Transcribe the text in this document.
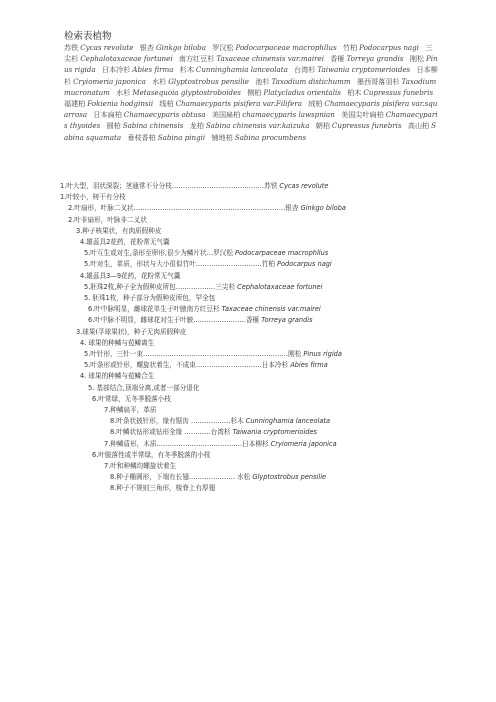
检索表植物
苏铁 Cycas revolute 银杏 Ginkgo biloba 罗汉松 Podocarpaceae macrophllus 竹柏 Podocarpus nagi 三尖杉 Cephalotaxaceae fortunei 南方红豆杉 Taxaceae chinensis var.mairei 香榧 Torreya grandis 刚松 Pinus rigida 日本冷杉 Abies firma 杉木 Cunninghamia lanceolata 台湾杉 Taiwania cryptomerioides 日本柳杉 Cryiomeria japonica 水杉 Glyptostrobus pensilie 池杉 Taxodium distichumm 墨西哥落羽杉 Taxodium mucronatum 水杉 Metasequoia glyptostroboides 侧柏 Platycladus orientalis 柏木 Cupressus funebris 福建柏 Fokienia hodginsii 线柏 Chamaecyparis pisifera var.Filifera 绒柏 Chamaecyparis pisifera var.squarrosa 日本扁柏 Chamaecyparis obtusa 美国扁柏 chamaecyparis lawspnian 美国尖叶扁柏 Chamaecyparis thyoides 圆柏 Sabina chinensis 龙柏 Sabina chinensis var.kaizuka 朝柏 Cupressus funebris 高山柏 Sabina squamata 垂枝香柏 Sabina pingii 铺地柏 Sabina procumbens
1.叶大型，羽状深裂；茎通常不分分枝……………………………………苏铁 Cycas revolute
1.叶较小，树干有分枝
2.叶扇形，叶脉二叉状……………………………………………………………银杏 Ginkgo biloba
2.叶非扇形，叶脉非二叉状
3.种子核果状，有肉质假种皮
4.雄蕊具2花药，花粉常无气囊
5.叶互生或对生,条形至卵形,很少为鳞片状…罗汉松 Podocarpaceae macrophllus
5.叶对生，革质，形状与大小很似竹叶…………………………竹柏 Podocarpus nagi
4.雄蕊具3—9花药，花粉常无气囊
5.胚珠2枚,种子全为假种皮所包………………三尖杉 Cephalotaxaceae fortunei
5. 胚珠1枚，种子部分为假种皮所包，罕全包
6.叶中脉明显，雌球花单生于叶腋南方红豆杉 Taxaceae chinensis var.mairei
6.叶中脉不明显，雌球花对生于叶腋……………………香榧 Torreya grandis
3.球果(孚球果状)，种子无肉质假种皮
4. 球果的种鳞与苞鳞离生
5.叶针形，三针一束…………………………………………………………刚松 Pinus rigida
5.叶条形或针形，螺旋状着生，不成束…………………………日本冷杉 Abies firma
4. 球果的种鳞与苞鳞合生
5. 基部结合,顶端分离,或者一部分退化
6.叶常绿，无冬季脱落小枝
7.种鳞扁平，革质
8.叶条状披针形，缘有锯齿 ………………杉木 Cunninghamia lanceolata
8.叶鳞状钻形或钻形全缘 …………台湾杉 Taiwania cryptomerioides
7.种鳞盾形，木质…………………………………日本柳杉 Cryiomeria japonica
6.叶脱落性或半常绿，有冬季脱落的小枝
7.叶和种鳞均螺旋状着生
8.种子椭圆形，下端有长翅………………… 水松 Glyptostrobus pensilie
8.种子不规则三角形，棱脊上有厚翅
